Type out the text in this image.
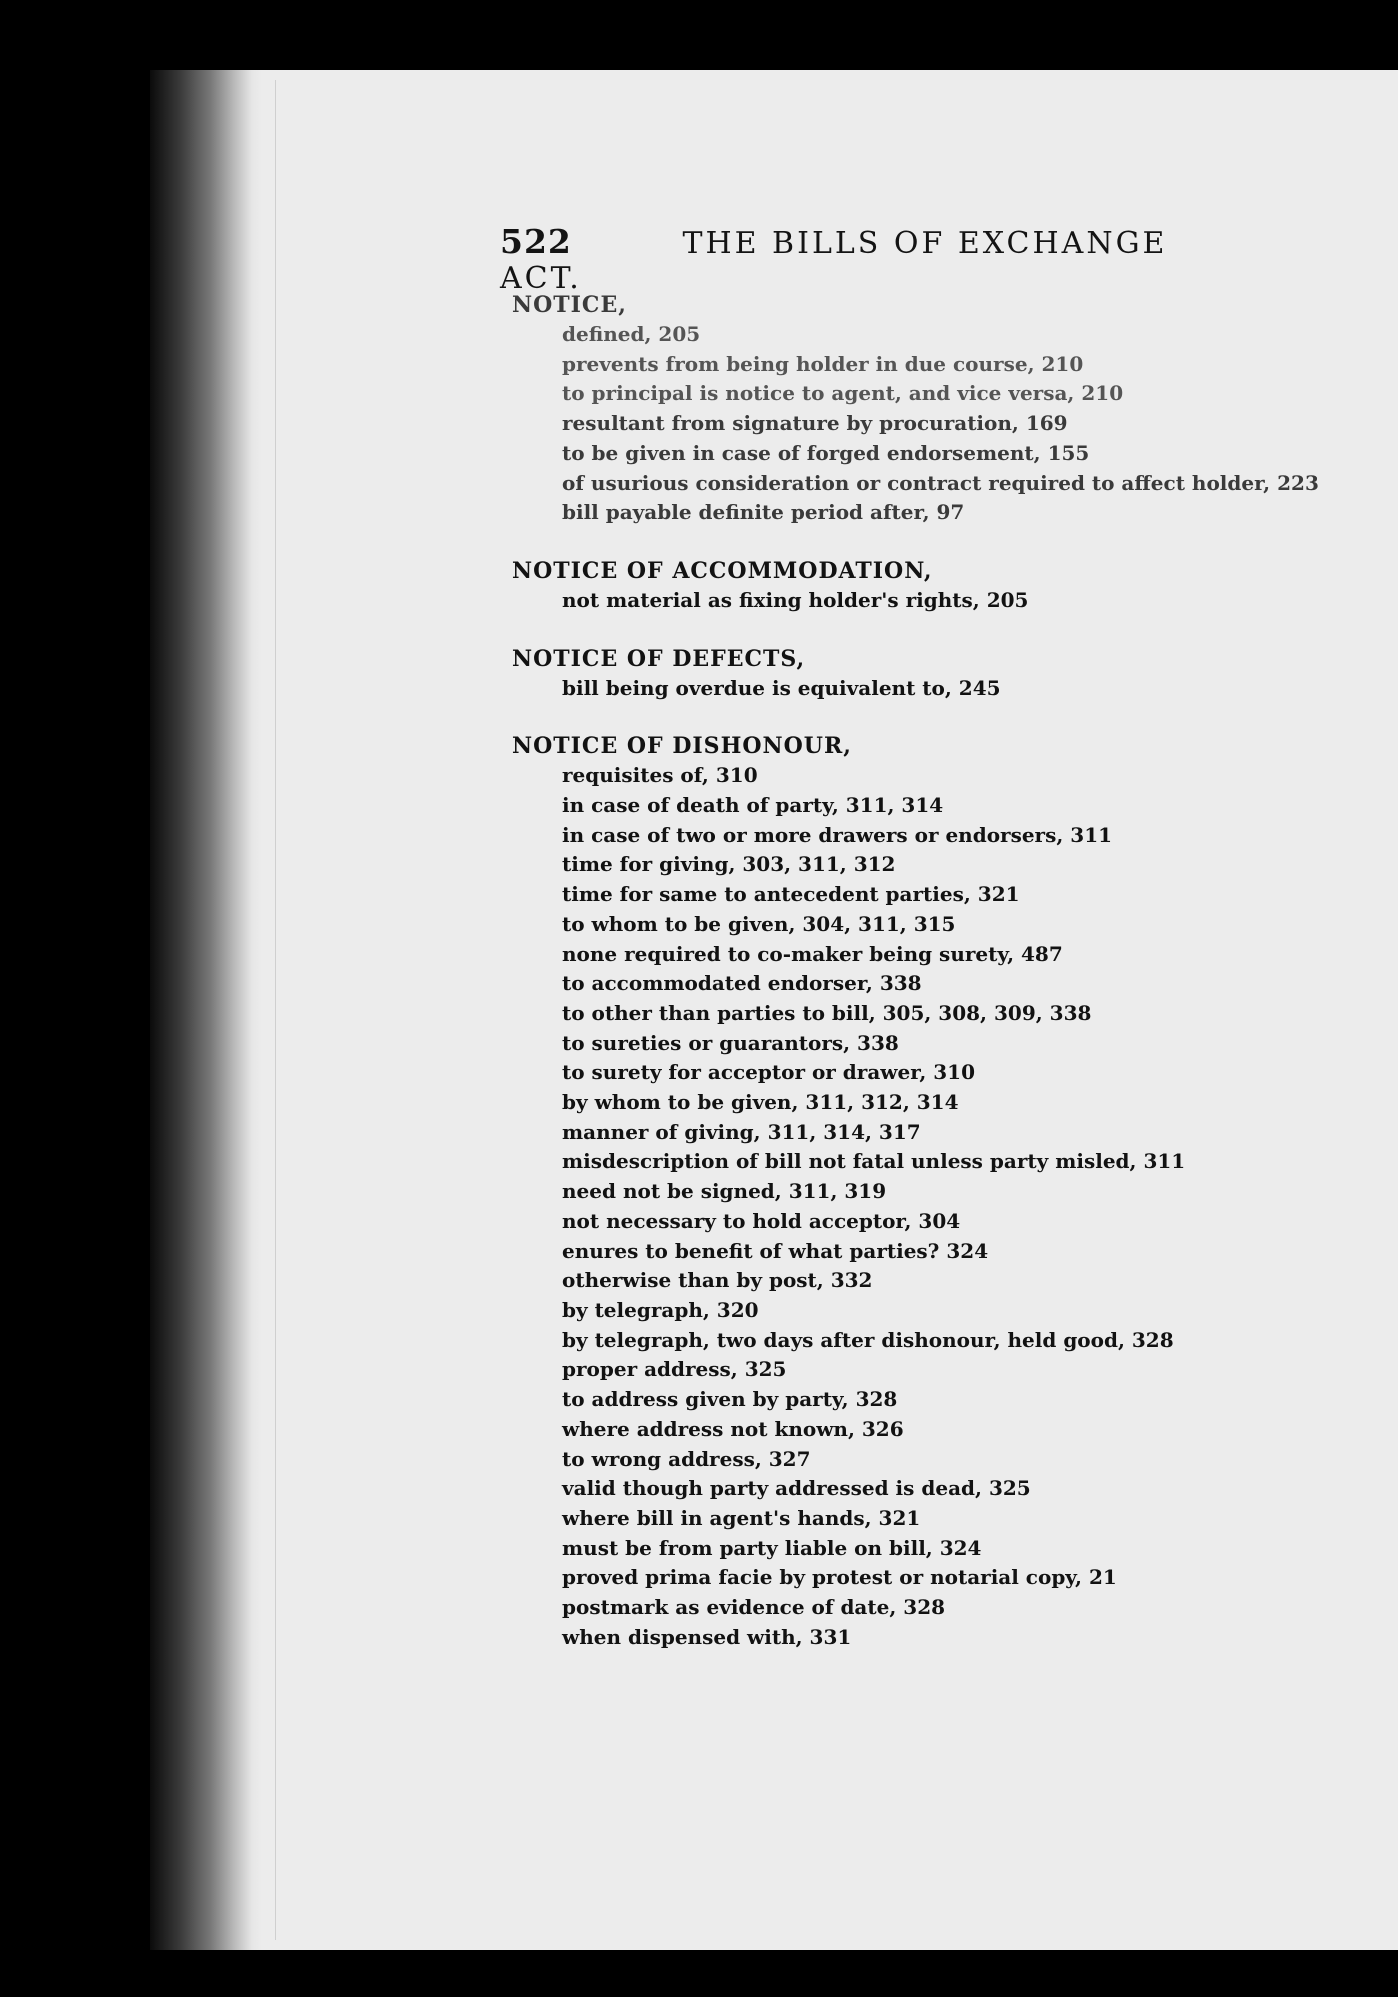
522	THE BILLS OF EXCHANGE ACT.
NOTICE,
defined, 205
prevents from being holder in due course, 210
to principal is notice to agent, and vice versa, 210
resultant from signature by procuration, 169
to be given in case of forged endorsement, 155
of usurious consideration or contract required to affect holder, 223
bill payable definite period after, 97
NOTICE OF ACCOMMODATION,
not material as fixing holder's rights, 205
NOTICE OF DEFECTS,
bill being overdue is equivalent to, 245
NOTICE OF DISHONOUR,
requisites of, 310
in case of death of party, 311, 314
in case of two or more drawers or endorsers, 311
time for giving, 303, 311, 312
time for same to antecedent parties, 321
to whom to be given, 304, 311, 315
none required to co-maker being surety, 487
to accommodated endorser, 338
to other than parties to bill, 305, 308, 309, 338
to sureties or guarantors, 338
to surety for acceptor or drawer, 310
by whom to be given, 311, 312, 314
manner of giving, 311, 314, 317
misdescription of bill not fatal unless party misled, 311
need not be signed, 311, 319
not necessary to hold acceptor, 304
enures to benefit of what parties? 324
otherwise than by post, 332
by telegraph, 320
by telegraph, two days after dishonour, held good, 328
proper address, 325
to address given by party, 328
where address not known, 326
to wrong address, 327
valid though party addressed is dead, 325
where bill in agent's hands, 321
must be from party liable on bill, 324
proved prima facie by protest or notarial copy, 21
postmark as evidence of date, 328
when dispensed with, 331
